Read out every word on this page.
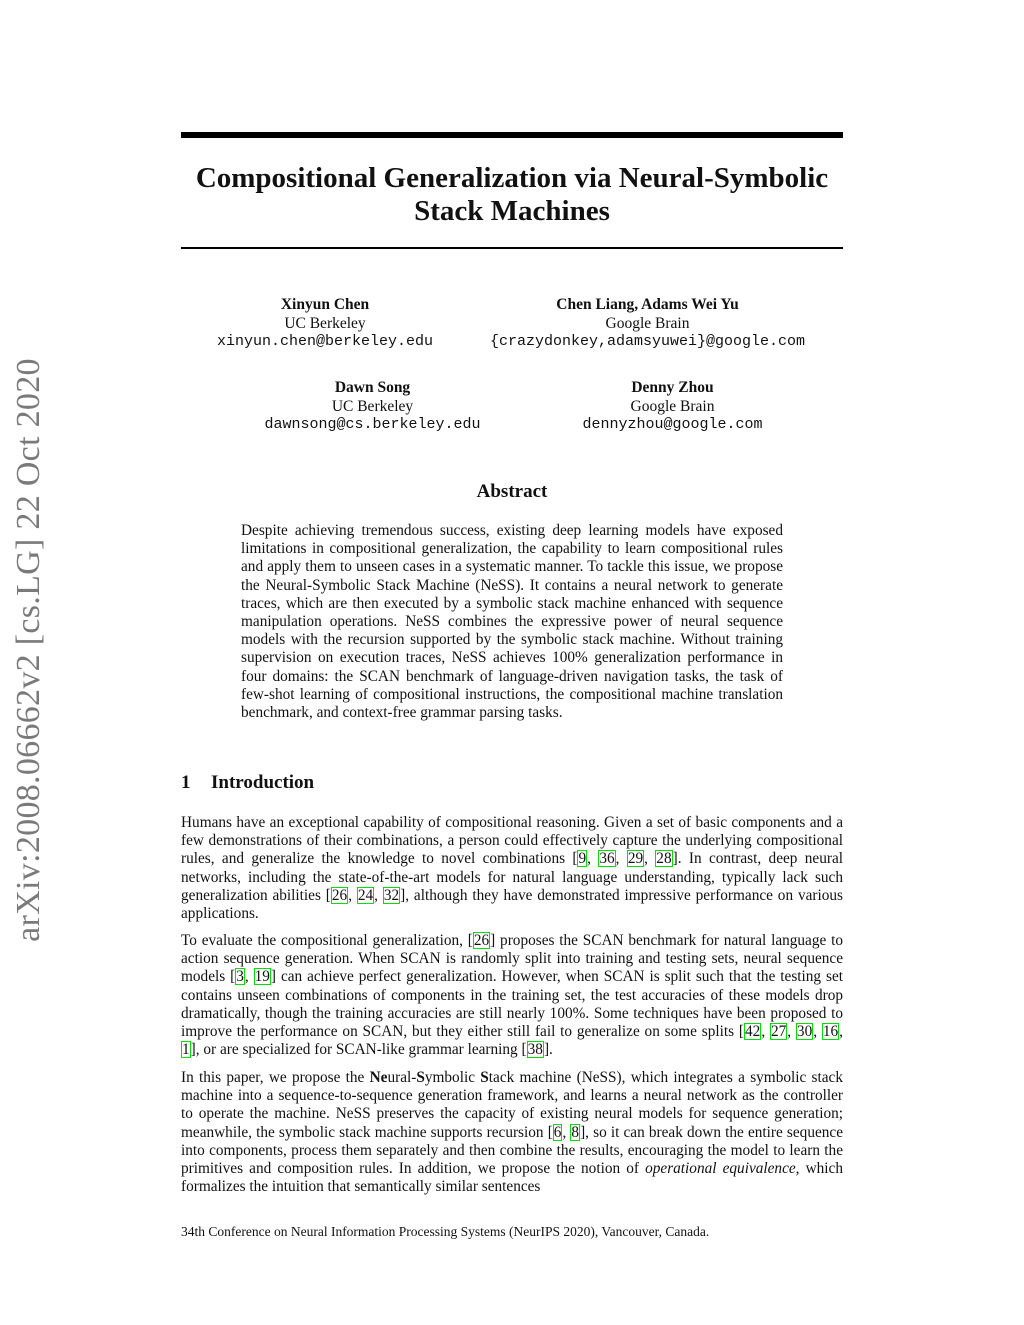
arXiv:2008.06662v2 [cs.LG] 22 Oct 2020
Compositional Generalization via Neural-Symbolic
Stack Machines
Xinyun Chen
UC Berkeley
xinyun.chen@berkeley.edu
Chen Liang, Adams Wei Yu
Google Brain
{crazydonkey,adamsyuwei}@google.com
Dawn Song
UC Berkeley
dawnsong@cs.berkeley.edu
Denny Zhou
Google Brain
dennyzhou@google.com
Abstract

Despite achieving tremendous success, existing deep learning models have exposed limitations in compositional generalization, the capability to learn compositional rules and apply them to unseen cases in a systematic manner. To tackle this issue, we propose the Neural-Symbolic Stack Machine (NeSS). It contains a neural network to generate traces, which are then executed by a symbolic stack machine enhanced with sequence manipulation operations. NeSS combines the expressive power of neural sequence models with the recursion supported by the symbolic stack machine. Without training supervision on execution traces, NeSS achieves 100% generalization performance in four domains: the SCAN benchmark of language-driven navigation tasks, the task of few-shot learning of compositional instructions, the compositional machine translation benchmark, and context-free grammar parsing tasks.

1 Introduction

Humans have an exceptional capability of compositional reasoning. Given a set of basic components and a few demonstrations of their combinations, a person could effectively capture the underlying compositional rules, and generalize the knowledge to novel combinations [9, 36, 29, 28]. In contrast, deep neural networks, including the state-of-the-art models for natural language understanding, typically lack such generalization abilities [26, 24, 32], although they have demonstrated impressive performance on various applications.

To evaluate the compositional generalization, [26] proposes the SCAN benchmark for natural language to action sequence generation. When SCAN is randomly split into training and testing sets, neural sequence models [3, 19] can achieve perfect generalization. However, when SCAN is split such that the testing set contains unseen combinations of components in the training set, the test accuracies of these models drop dramatically, though the training accuracies are still nearly 100%. Some techniques have been proposed to improve the performance on SCAN, but they either still fail to generalize on some splits [42, 27, 30, 16, 1], or are specialized for SCAN-like grammar learning [38].

In this paper, we propose the Neural-Symbolic Stack machine (NeSS), which integrates a symbolic stack machine into a sequence-to-sequence generation framework, and learns a neural network as the controller to operate the machine. NeSS preserves the capacity of existing neural models for sequence generation; meanwhile, the symbolic stack machine supports recursion [6, 8], so it can break down the entire sequence into components, process them separately and then combine the results, encouraging the model to learn the primitives and composition rules. In addition, we propose the notion of operational equivalence, which formalizes the intuition that semantically similar sentences

34th Conference on Neural Information Processing Systems (NeurIPS 2020), Vancouver, Canada.
